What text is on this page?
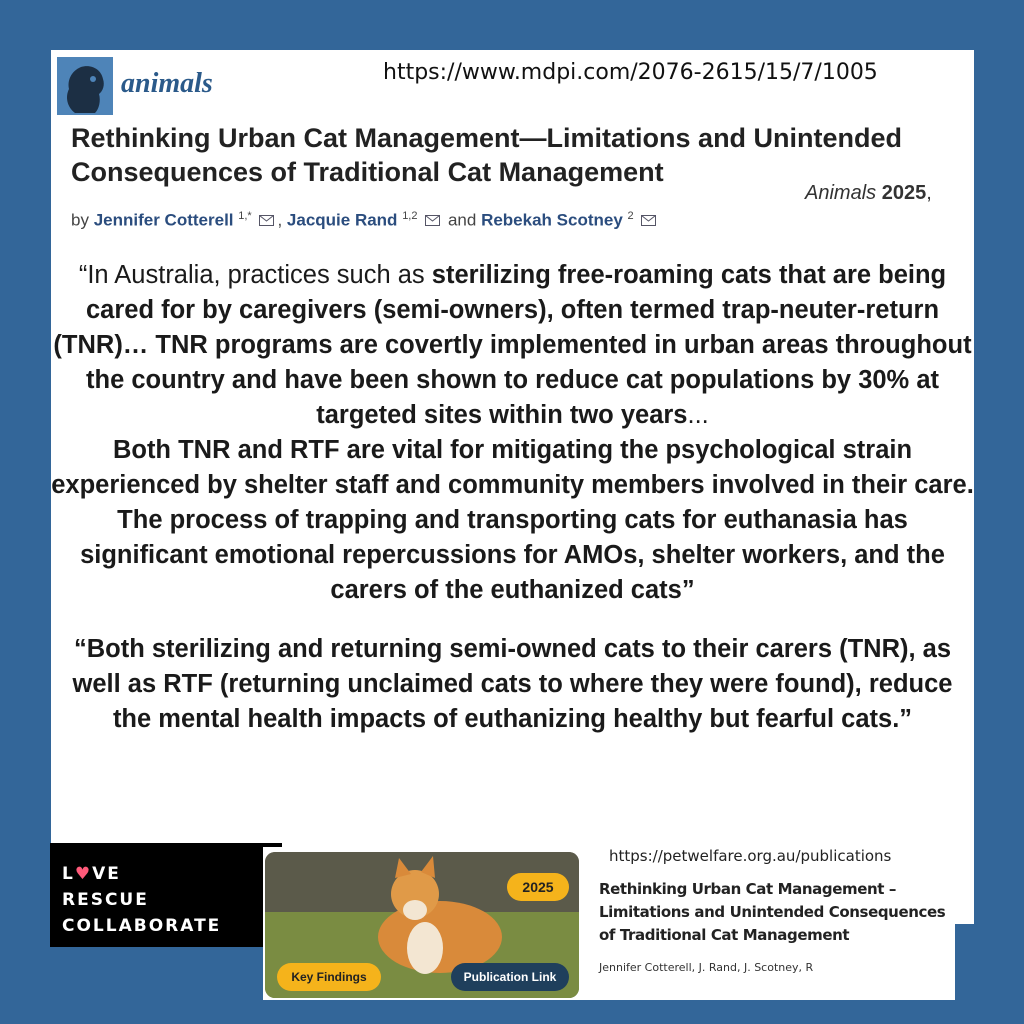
animals	https://www.mdpi.com/2076-2615/15/7/1005
Rethinking Urban Cat Management—Limitations and Unintended Consequences of Traditional Cat Management
Animals 2025,
by Jennifer Cotterell $^{1,*}$ , Jacquie Rand $^{1,2}$ and Rebekah Scotney $^2$

“In Australia, practices such as sterilizing free-roaming cats that are being cared for by caregivers (semi-owners), often termed trap-neuter-return (TNR)… TNR programs are covertly implemented in urban areas throughout the country and have been shown to reduce cat populations by 30% at targeted sites within two years...

Both TNR and RTF are vital for mitigating the psychological strain experienced by shelter staff and community members involved in their care. The process of trapping and transporting cats for euthanasia has significant emotional repercussions for AMOs, shelter workers, and the carers of the euthanized cats”

“Both sterilizing and returning semi-owned cats to their carers (TNR), as well as RTF (returning unclaimed cats to where they were found), reduce the mental health impacts of euthanizing healthy but fearful cats.”

L♥VE
RESCUE
COLLABORATE
2025
Key Findings	Publication Link
https://petwelfare.org.au/publications
Rethinking Urban Cat Management – Limitations and Unintended Consequences of Traditional Cat Management
Jennifer Cotterell, J. Rand, J. Scotney, R
